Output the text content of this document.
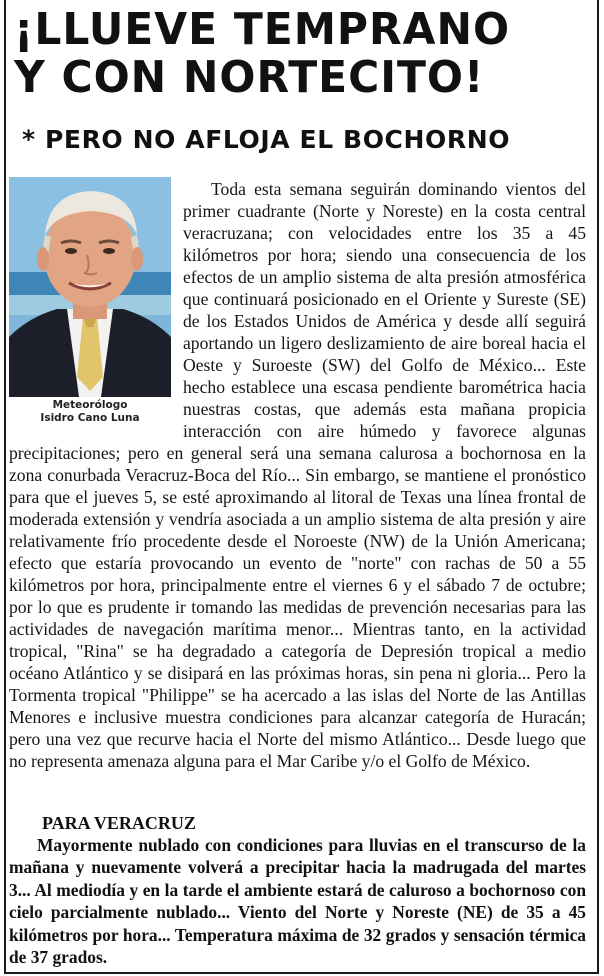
¡LLUEVE TEMPRANO
Y CON NORTECITO!
* PERO NO AFLOJA EL BOCHORNO
Meteorólogo
Isidro Cano Luna

Toda esta semana seguirán dominando vientos del primer cuadrante (Norte y Noreste) en la costa central veracruzana; con velocidades entre los 35 a 45 kilómetros por hora; siendo una consecuencia de los efectos de un amplio sistema de alta presión atmosférica que continuará posicionado en el Oriente y Sureste (SE) de los Estados Unidos de América y desde allí seguirá aportando un ligero deslizamiento de aire boreal hacia el Oeste y Suroeste (SW) del Golfo de México... Este hecho establece una escasa pendiente barométrica hacia nuestras costas, que además esta mañana propicia interacción con aire húmedo y favorece algunas precipitaciones; pero en general será una semana calurosa a bochornosa en la zona conurbada Veracruz-Boca del Río... Sin embargo, se mantiene el pronóstico para que el jueves 5, se esté aproximando al litoral de Texas una línea frontal de moderada extensión y vendría asociada a un amplio sistema de alta presión y aire relativamente frío procedente desde el Noroeste (NW) de la Unión Americana; efecto que estaría provocando un evento de "norte" con rachas de 50 a 55 kilómetros por hora, principalmente entre el viernes 6 y el sábado 7 de octubre; por lo que es prudente ir tomando las medidas de prevención necesarias para las actividades de navegación marítima menor... Mientras tanto, en la actividad tropical, "Rina" se ha degradado a categoría de Depresión tropical a medio océano Atlántico y se disipará en las próximas horas, sin pena ni gloria... Pero la Tormenta tropical "Philippe" se ha acercado a las islas del Norte de las Antillas Menores e inclusive muestra condiciones para alcanzar categoría de Huracán; pero una vez que recurve hacia el Norte del mismo Atlántico... Desde luego que no representa amenaza alguna para el Mar Caribe y/o el Golfo de México.

PARA VERACRUZ

Mayormente nublado con condiciones para lluvias en el transcurso de la mañana y nuevamente volverá a precipitar hacia la madrugada del martes 3... Al mediodía y en la tarde el ambiente estará de caluroso a bochornoso con cielo parcialmente nublado... Viento del Norte y Noreste (NE) de 35 a 45 kilómetros por hora... Temperatura máxima de 32 grados y sensación térmica de 37 grados.
